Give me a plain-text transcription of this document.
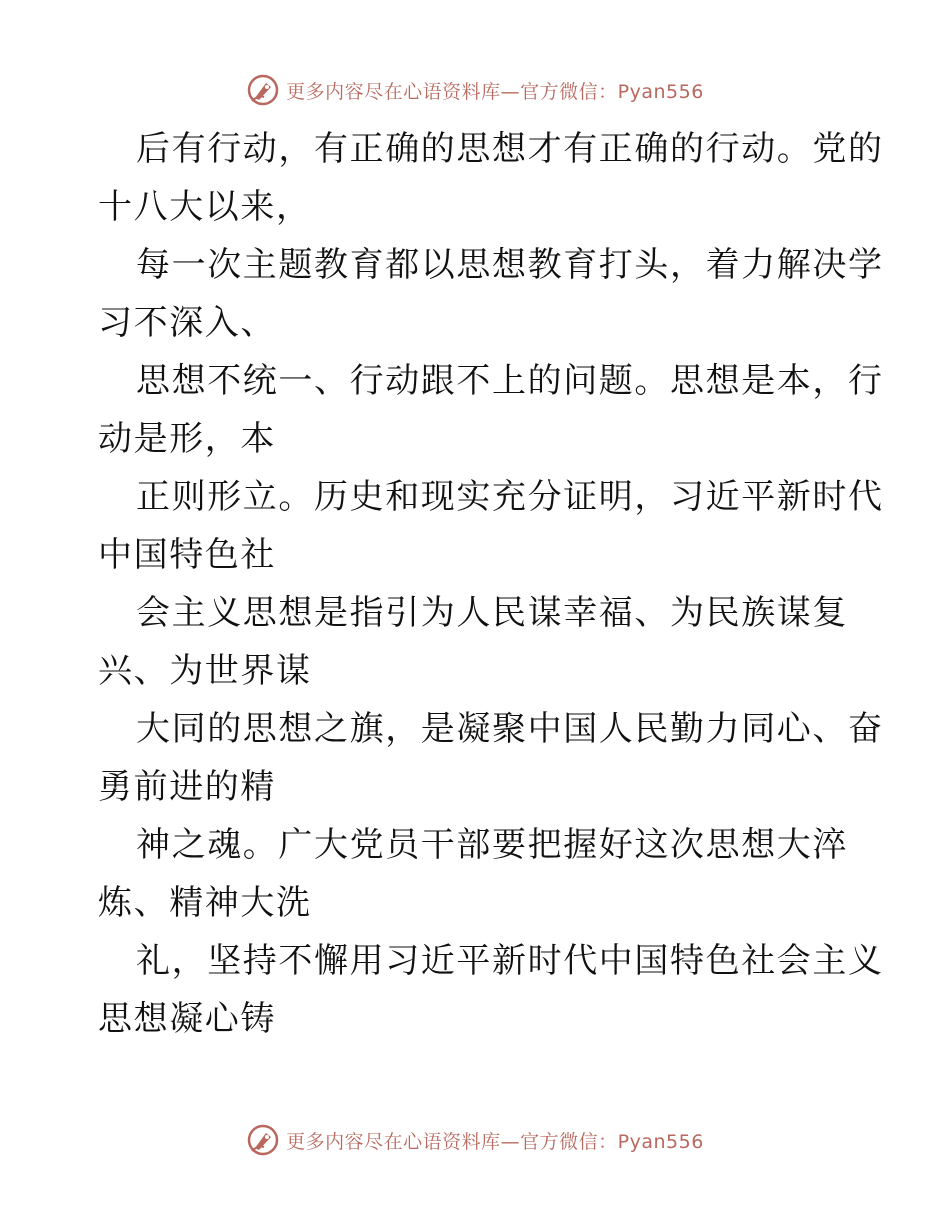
更多内容尽在心语资料库—官方微信：Pyan556
后有行动，有正确的思想才有正确的行动。党的
十八大以来，
每一次主题教育都以思想教育打头，着力解决学
习不深入、
思想不统一、行动跟不上的问题。思想是本，行
动是形，本
正则形立。历史和现实充分证明，习近平新时代
中国特色社
会主义思想是指引为人民谋幸福、为民族谋复
兴、为世界谋
大同的思想之旗，是凝聚中国人民勤力同心、奋
勇前进的精
神之魂。广大党员干部要把握好这次思想大淬
炼、精神大洗
礼，坚持不懈用习近平新时代中国特色社会主义
思想凝心铸
更多内容尽在心语资料库—官方微信：Pyan556
